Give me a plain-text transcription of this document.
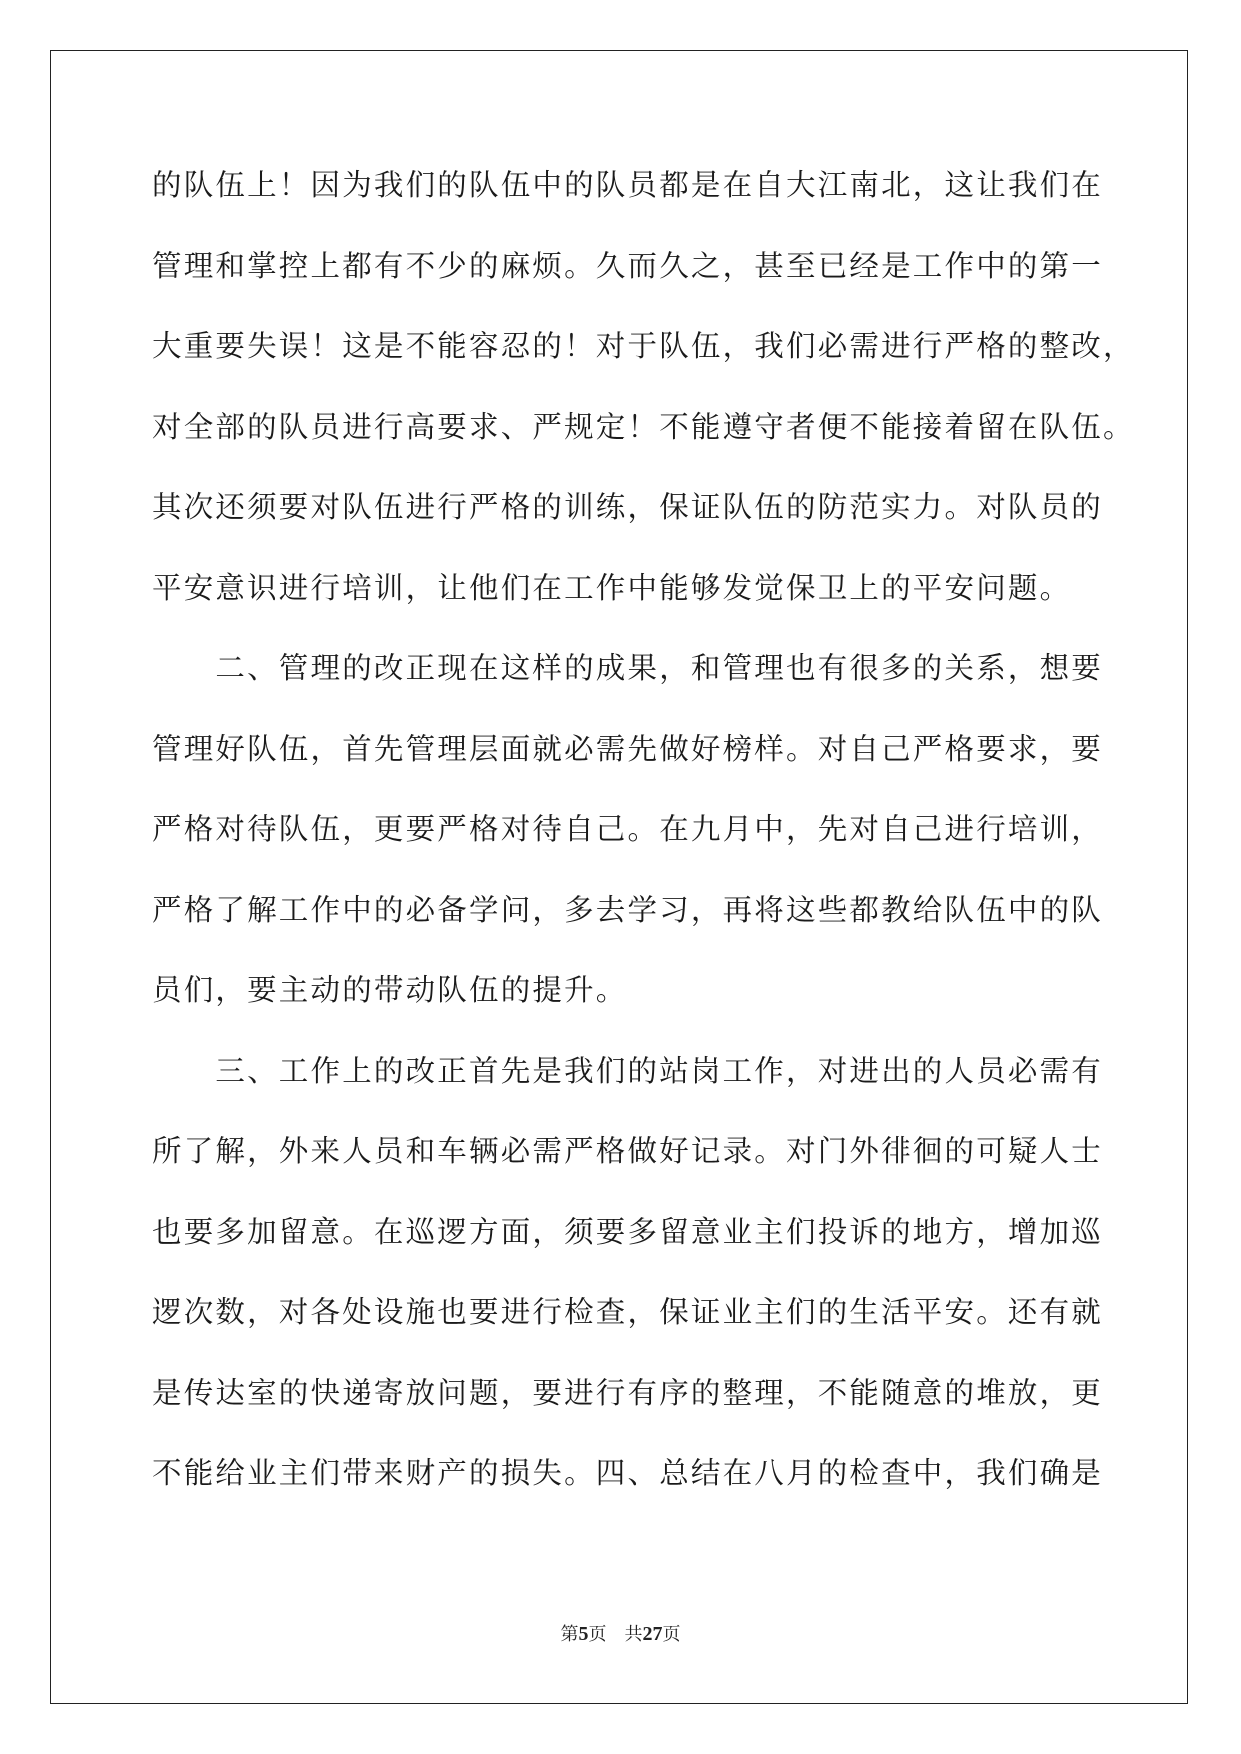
的队伍上！因为我们的队伍中的队员都是在自大江南北，这让我们在
管理和掌控上都有不少的麻烦。久而久之，甚至已经是工作中的第一
大重要失误！这是不能容忍的！对于队伍，我们必需进行严格的整改，
对全部的队员进行高要求、严规定！不能遵守者便不能接着留在队伍。
其次还须要对队伍进行严格的训练，保证队伍的防范实力。对队员的
平安意识进行培训，让他们在工作中能够发觉保卫上的平安问题。
　　二、管理的改正现在这样的成果，和管理也有很多的关系，想要
管理好队伍，首先管理层面就必需先做好榜样。对自己严格要求，要
严格对待队伍，更要严格对待自己。在九月中，先对自己进行培训，
严格了解工作中的必备学问，多去学习，再将这些都教给队伍中的队
员们，要主动的带动队伍的提升。
　　三、工作上的改正首先是我们的站岗工作，对进出的人员必需有
所了解，外来人员和车辆必需严格做好记录。对门外徘徊的可疑人士
也要多加留意。在巡逻方面，须要多留意业主们投诉的地方，增加巡
逻次数，对各处设施也要进行检查，保证业主们的生活平安。还有就
是传达室的快递寄放问题，要进行有序的整理，不能随意的堆放，更
不能给业主们带来财产的损失。四、总结在八月的检查中，我们确是
第5页 共27页
